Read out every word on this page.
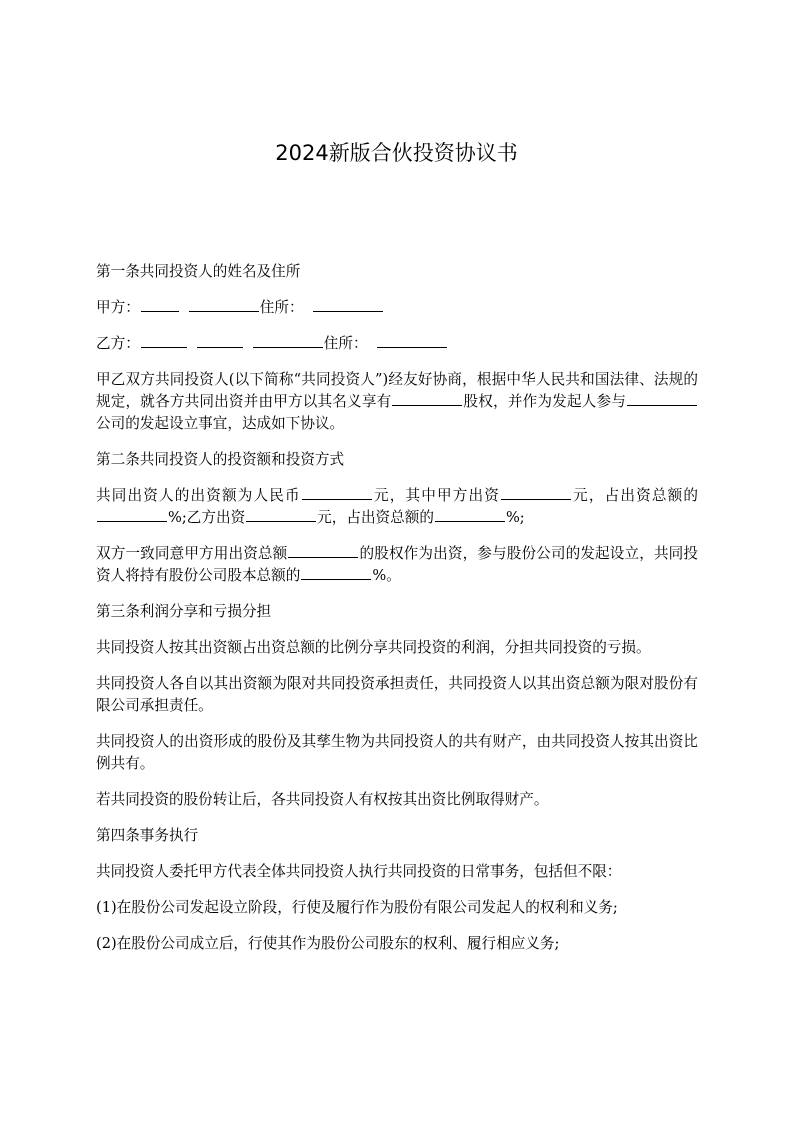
2024新版合伙投资协议书

第一条共同投资人的姓名及住所

甲方：	住所：

乙方：	住所：

甲乙双方共同投资人(以下简称“共同投资人”)经友好协商，根据中华人民共和国法律、法规的规定，就各方共同出资并由甲方以其名义享有	股权，并作为发起人参与公司的发起设立事宜，达成如下协议。

第二条共同投资人的投资额和投资方式

共同出资人的出资额为人民币	元，其中甲方出资	元，占出资总额的%;乙方出资	元，占出资总额的	%;

双方一致同意甲方用出资总额	的股权作为出资，参与股份公司的发起设立，共同投资人将持有股份公司股本总额的	%。

第三条利润分享和亏损分担

共同投资人按其出资额占出资总额的比例分享共同投资的利润，分担共同投资的亏损。

共同投资人各自以其出资额为限对共同投资承担责任，共同投资人以其出资总额为限对股份有限公司承担责任。

共同投资人的出资形成的股份及其孳生物为共同投资人的共有财产，由共同投资人按其出资比例共有。

若共同投资的股份转让后，各共同投资人有权按其出资比例取得财产。

第四条事务执行

共同投资人委托甲方代表全体共同投资人执行共同投资的日常事务，包括但不限：

(1)在股份公司发起设立阶段，行使及履行作为股份有限公司发起人的权利和义务;

(2)在股份公司成立后，行使其作为股份公司股东的权利、履行相应义务;
